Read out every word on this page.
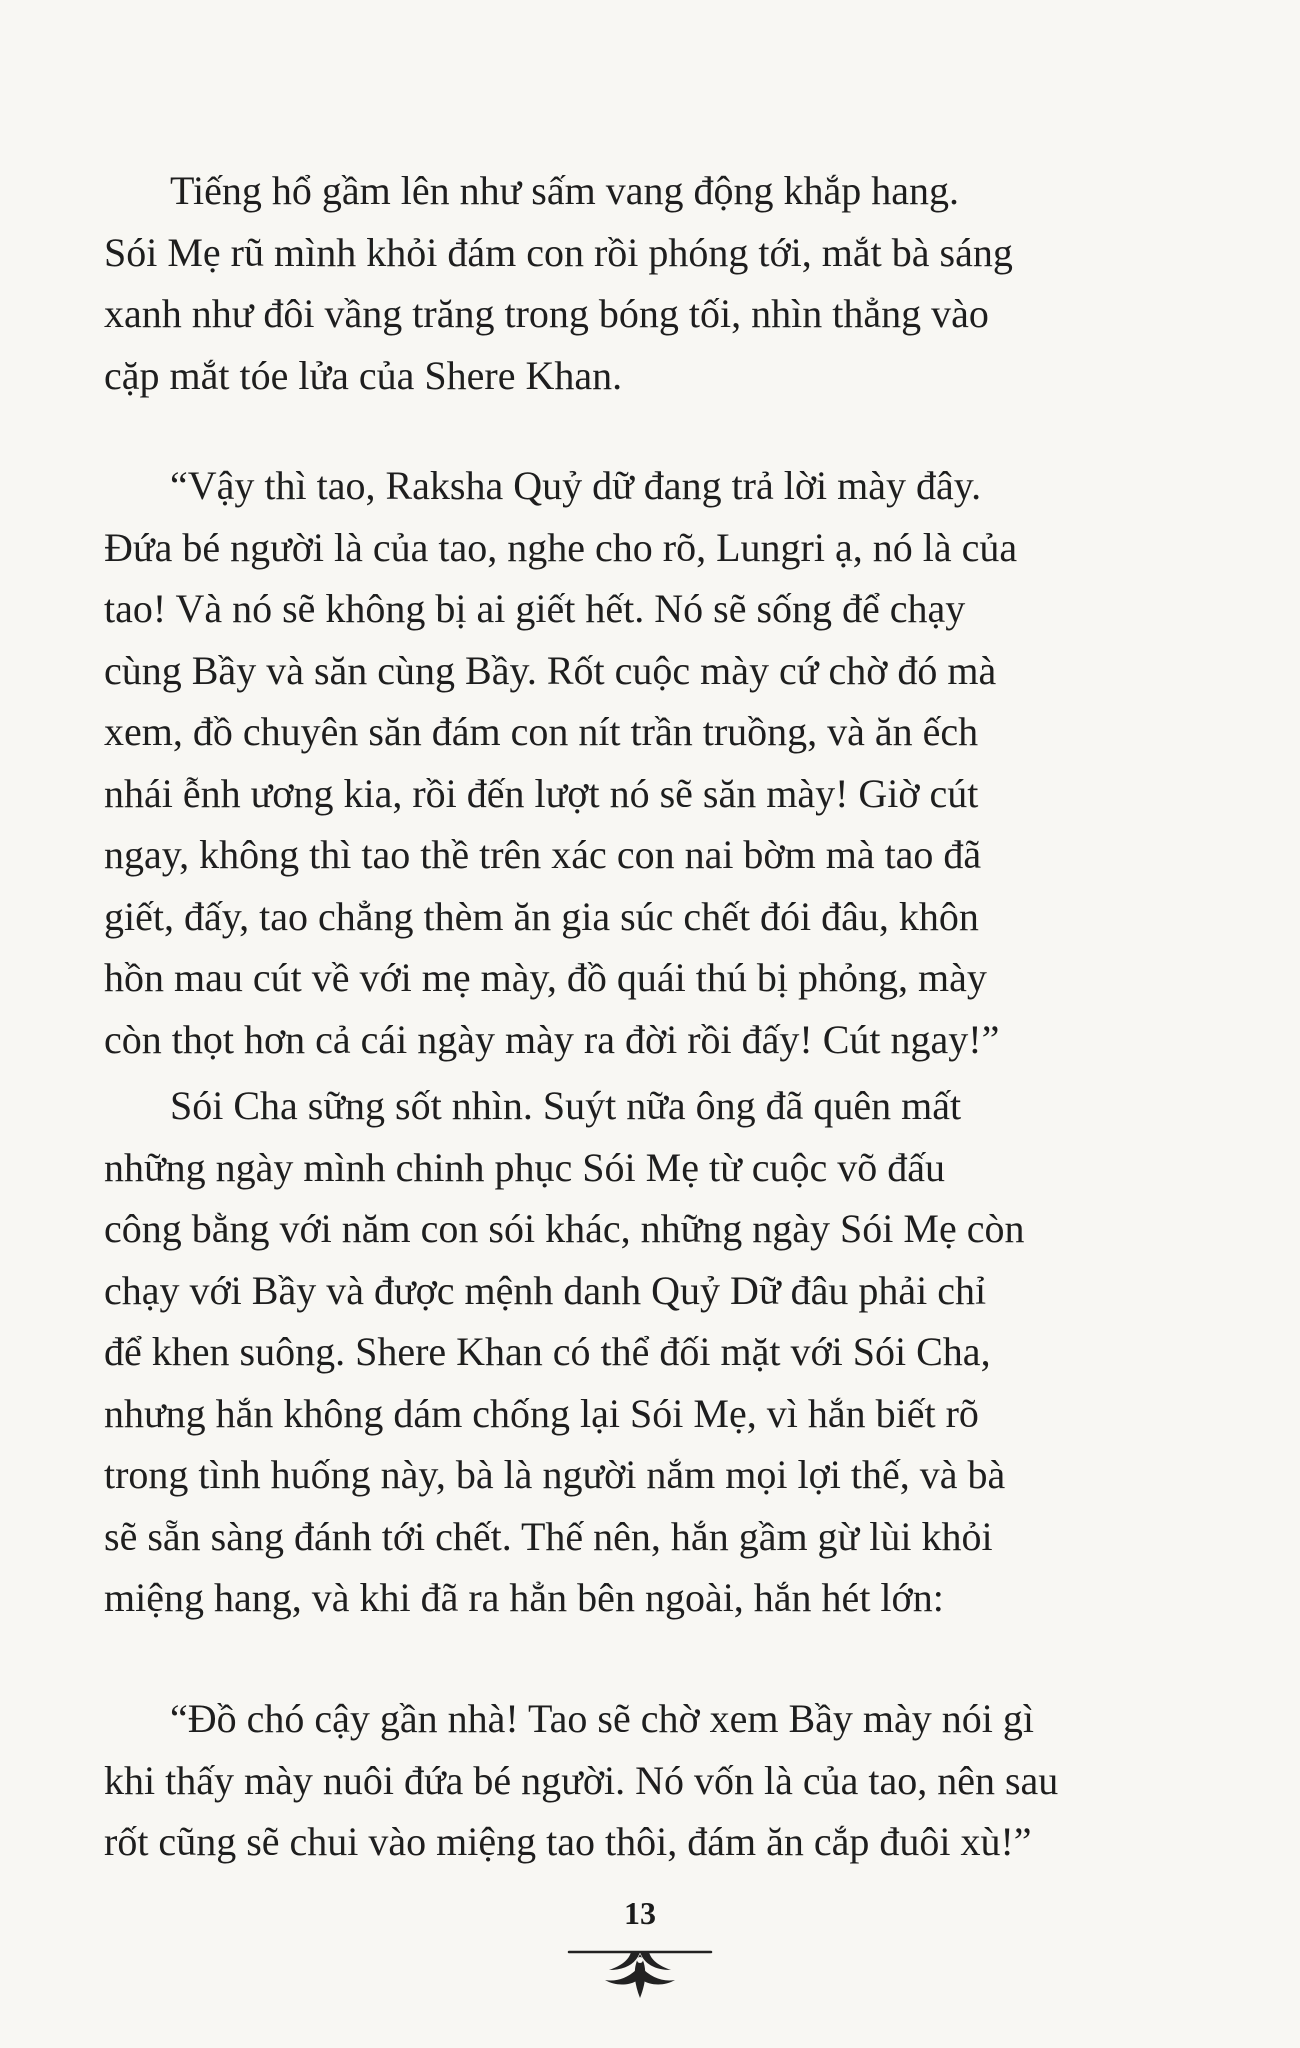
Tiếng hổ gầm lên như sấm vang động khắp hang.
Sói Mẹ rũ mình khỏi đám con rồi phóng tới, mắt bà sáng
xanh như đôi vầng trăng trong bóng tối, nhìn thẳng vào
cặp mắt tóe lửa của Shere Khan.

“Vậy thì tao, Raksha Quỷ dữ đang trả lời mày đây.
Đứa bé người là của tao, nghe cho rõ, Lungri ạ, nó là của
tao! Và nó sẽ không bị ai giết hết. Nó sẽ sống để chạy
cùng Bầy và săn cùng Bầy. Rốt cuộc mày cứ chờ đó mà
xem, đồ chuyên săn đám con nít trần truồng, và ăn ếch
nhái ễnh ương kia, rồi đến lượt nó sẽ săn mày! Giờ cút
ngay, không thì tao thề trên xác con nai bờm mà tao đã
giết, đấy, tao chẳng thèm ăn gia súc chết đói đâu, khôn
hồn mau cút về với mẹ mày, đồ quái thú bị phỏng, mày
còn thọt hơn cả cái ngày mày ra đời rồi đấy! Cút ngay!”

Sói Cha sững sốt nhìn. Suýt nữa ông đã quên mất
những ngày mình chinh phục Sói Mẹ từ cuộc võ đấu
công bằng với năm con sói khác, những ngày Sói Mẹ còn
chạy với Bầy và được mệnh danh Quỷ Dữ đâu phải chỉ
để khen suông. Shere Khan có thể đối mặt với Sói Cha,
nhưng hắn không dám chống lại Sói Mẹ, vì hắn biết rõ
trong tình huống này, bà là người nắm mọi lợi thế, và bà
sẽ sẵn sàng đánh tới chết. Thế nên, hắn gầm gừ lùi khỏi
miệng hang, và khi đã ra hẳn bên ngoài, hắn hét lớn:

“Đồ chó cậy gần nhà! Tao sẽ chờ xem Bầy mày nói gì
khi thấy mày nuôi đứa bé người. Nó vốn là của tao, nên sau
rốt cũng sẽ chui vào miệng tao thôi, đám ăn cắp đuôi xù!”

13
